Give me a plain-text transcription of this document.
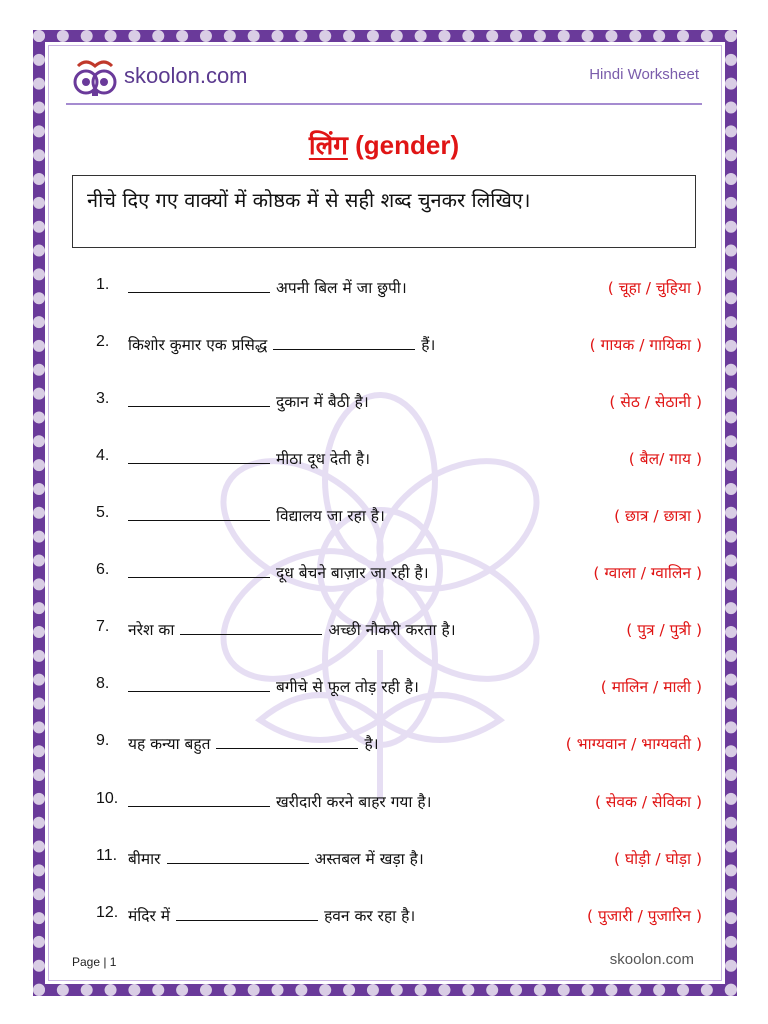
skoolon.com	Hindi Worksheet
लिंग (gender)
नीचे दिए गए वाक्यों में कोष्ठक में से सही शब्द चुनकर लिखिए।
1.	अपनी बिल में जा छुपी।	( चूहा / चुहिया )
2. किशोर कुमार एक प्रसिद्ध	हैं।	( गायक / गायिका )
3.	दुकान में बैठी है।	( सेठ / सेठानी )
4.	मीठा दूध देती है।	( बैल/ गाय )
5.	विद्यालय जा रहा है।	( छात्र / छात्रा )
6.	दूध बेचने बाज़ार जा रही है।	( ग्वाला / ग्वालिन )
7. नरेश का	अच्छी नौकरी करता है।	( पुत्र / पुत्री )
8.	बगीचे से फूल तोड़ रही है।	( मालिन / माली )
9. यह कन्या बहुत	है।	( भाग्यवान / भाग्यवती )
10.	खरीदारी करने बाहर गया है।	( सेवक / सेविका )
11. बीमार	अस्तबल में खड़ा है।	( घोड़ी / घोड़ा )
12. मंदिर में	हवन कर रहा है।	( पुजारी / पुजारिन )
Page | 1	skoolon.com
